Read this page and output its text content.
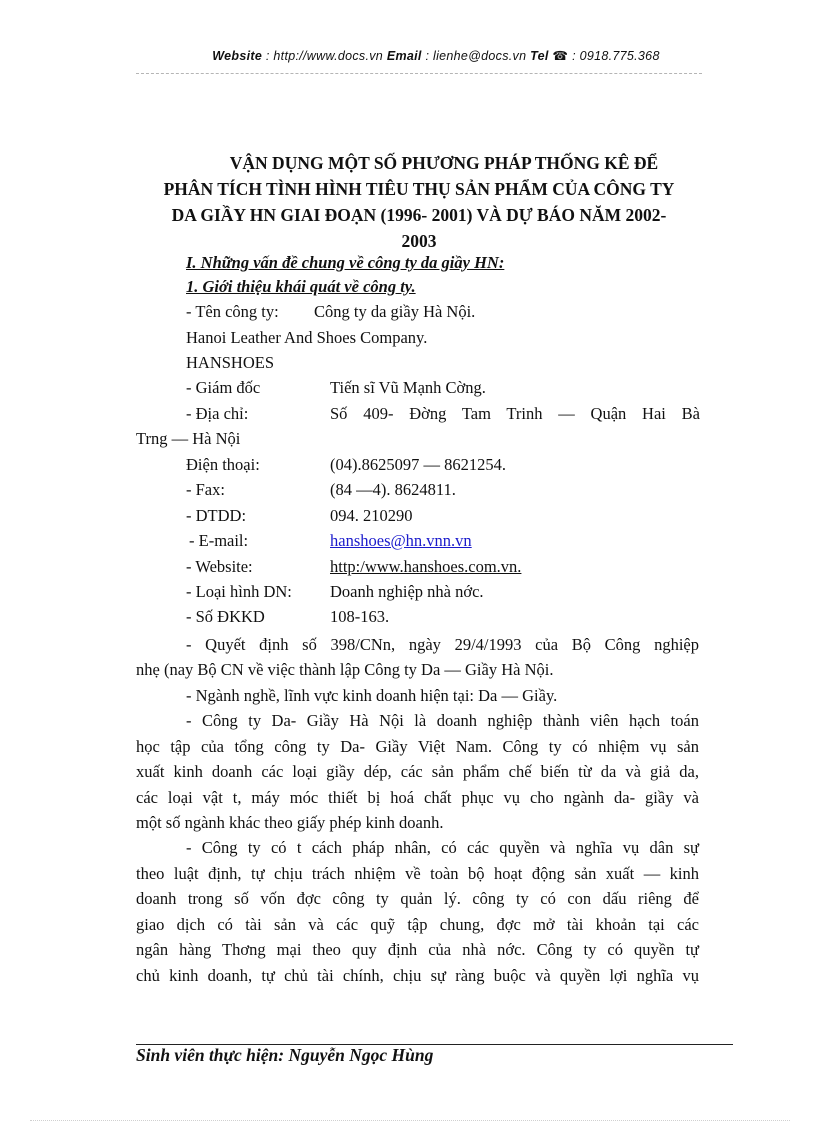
Website : http://www.docs.vn Email : lienhe@docs.vn Tel ☎ : 0918.775.368
VẬN DỤNG MỘT SỐ PHƯƠNG PHÁP THỐNG KÊ ĐỂ
PHÂN TÍCH TÌNH HÌNH TIÊU THỤ SẢN PHẨM CỦA CÔNG TY
DA GIẦY HN GIAI ĐOẠN (1996- 2001) VÀ DỰ BÁO NĂM 2002-
2003
I. Những vấn đề chung về công ty da giầy HN:
1. Giới thiệu khái quát về công ty.
- Tên công ty: Công ty da giầy Hà Nội.
Hanoi Leather And Shoes Company.
HANSHOES
- Giám đốc	Tiến sĩ Vũ Mạnh Cờng.
- Địa chỉ:	Số 409- Đờng Tam Trinh — Quận Hai Bà
Trng — Hà Nội
Điện thoại:	(04).8625097 — 8621254.
- Fax:	(84 —4). 8624811.
- DTDD:	094. 210290
- E-mail:	hanshoes@hn.vnn.vn
- Website:	http:/www.hanshoes.com.vn.
- Loại hình DN: Doanh nghiệp nhà nớc.
- Số ĐKKD	108-163.
- Quyết định số 398/CNn, ngày 29/4/1993 của Bộ Công nghiệp
nhẹ (nay Bộ CN về việc thành lập Công ty Da — Giầy Hà Nội.
- Ngành nghề, lĩnh vực kinh doanh hiện tại: Da — Giầy.
- Công ty Da- Giầy Hà Nội là doanh nghiệp thành viên hạch toán
học tập của tổng công ty Da- Giầy Việt Nam. Công ty có nhiệm vụ sản
xuất kinh doanh các loại giầy dép, các sản phẩm chế biến từ da và giả da,
các loại vật t, máy móc thiết bị hoá chất phục vụ cho ngành da- giầy và
một số ngành khác theo giấy phép kinh doanh.
- Công ty có t cách pháp nhân, có các quyền và nghĩa vụ dân sự
theo luật định, tự chịu trách nhiệm về toàn bộ hoạt động sản xuất — kinh
doanh trong số vốn đợc công ty quản lý. công ty có con dấu riêng để
giao dịch có tài sản và các quỹ tập chung, đợc mở tài khoản tại các
ngân hàng Thơng mại theo quy định của nhà nớc. Công ty có quyền tự
chủ kinh doanh, tự chủ tài chính, chịu sự ràng buộc và quyền lợi nghĩa vụ
Sinh viên thực hiện: Nguyễn Ngọc Hùng
